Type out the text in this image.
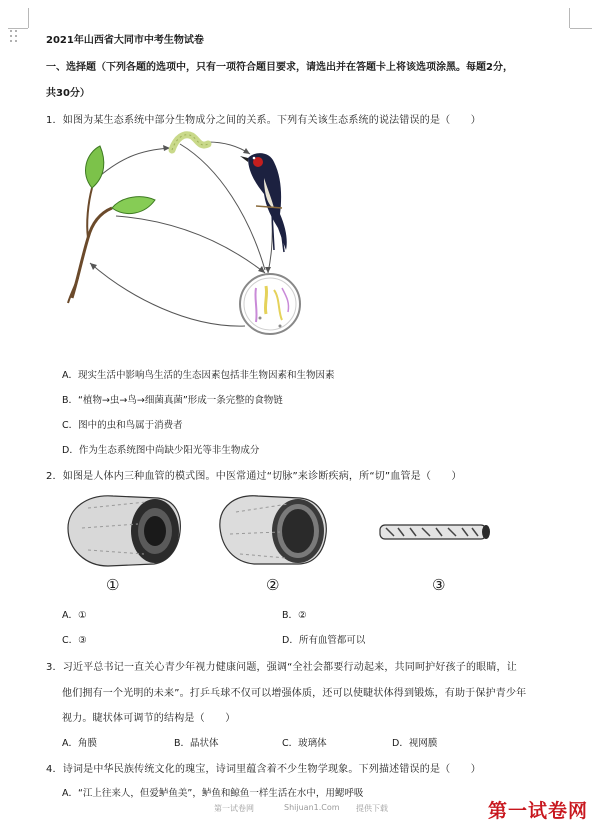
2021年山西省大同市中考生物试卷
一、选择题（下列各题的选项中，只有一项符合题目要求，请选出并在答题卡上将该选项涂黑。每题2分，
共30分）
1．如图为某生态系统中部分生物成分之间的关系。下列有关该生态系统的说法错误的是（　　）
A．现实生活中影响鸟生活的生态因素包括非生物因素和生物因素
B．“植物→虫→鸟→细菌真菌”形成一条完整的食物链
C．图中的虫和鸟属于消费者
D．作为生态系统图中尚缺少阳光等非生物成分
2．如图是人体内三种血管的模式图。中医常通过“切脉”来诊断疾病，所“切”血管是（　　）
①	②	③
A．①	B．②
C．③	D．所有血管都可以
3．习近平总书记一直关心青少年视力健康问题，强调“全社会都要行动起来，共同呵护好孩子的眼睛，让
他们拥有一个光明的未来”。打乒乓球不仅可以增强体质，还可以使睫状体得到锻炼，有助于保护青少年
视力。睫状体可调节的结构是（　　）
A．角膜	B．晶状体	C．玻璃体	D．视网膜
4．诗词是中华民族传统文化的瑰宝，诗词里蕴含着不少生物学现象。下列描述错误的是（　　）
A．“江上往来人，但爱鲈鱼美”，鲈鱼和鲸鱼一样生活在水中，用鳃呼吸
第一试卷网	Shijuan1.Com 提供下载	第一试卷网
